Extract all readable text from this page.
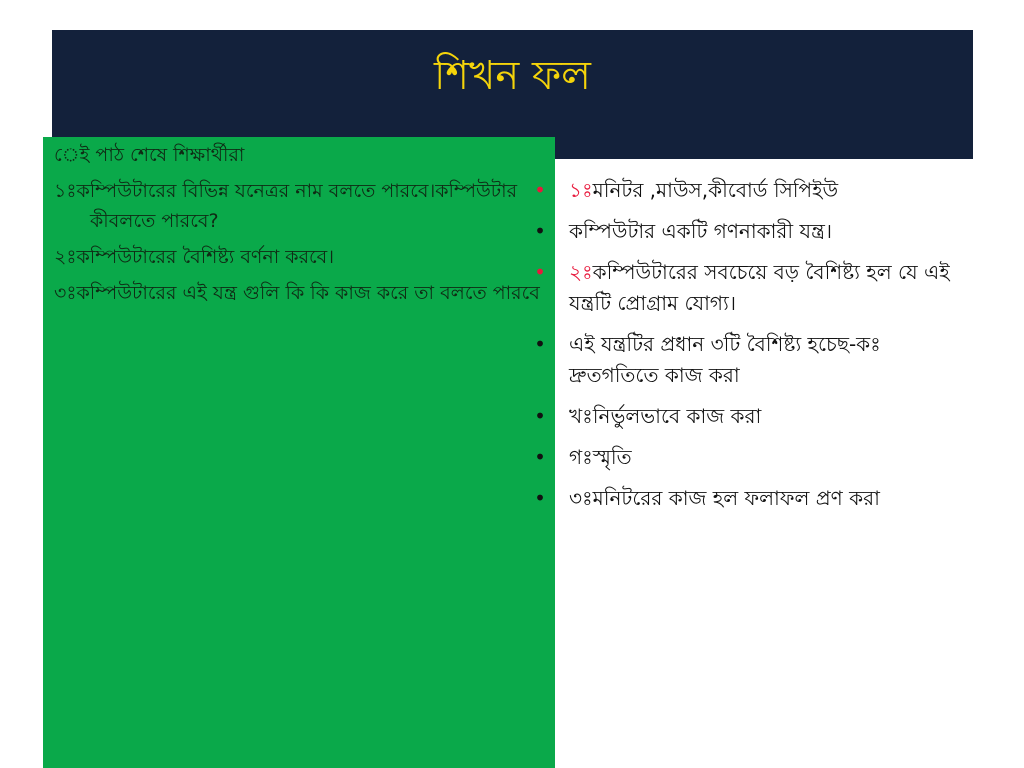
শিখন ফল
েই পাঠ শেষে শিক্ষার্থীরা
১ঃকম্পিউটারের বিভিন্ন যনেত্রর নাম বলতে পারবে।কম্পিউটার কীবলতে পারবে?
২ঃকম্পিউটারের বৈশিষ্ট্য বর্ণনা করবে।
৩ঃকম্পিউটারের এই যন্ত্র গুলি কি কি কাজ করে তা বলতে পারবে
• ১ঃমনিটর ,মাউস,কীবোর্ড সিপিইউ
• কম্পিউটার একটি গণনাকারী যন্ত্র।
• ২ঃকম্পিউটারের সবচেয়ে বড় বৈশিষ্ট্য হল যে এই যন্ত্রটি প্রোগ্রাম যোগ্য।
• এই যন্ত্রটির প্রধান ৩টি বৈশিষ্ট্য হচেছ-কঃ দ্রুতগতিতে কাজ করা
• খঃনির্ভুলভাবে কাজ করা
• গঃস্মৃতি
• ৩ঃমনিটরের কাজ হল ফলাফল প্রণ করা
